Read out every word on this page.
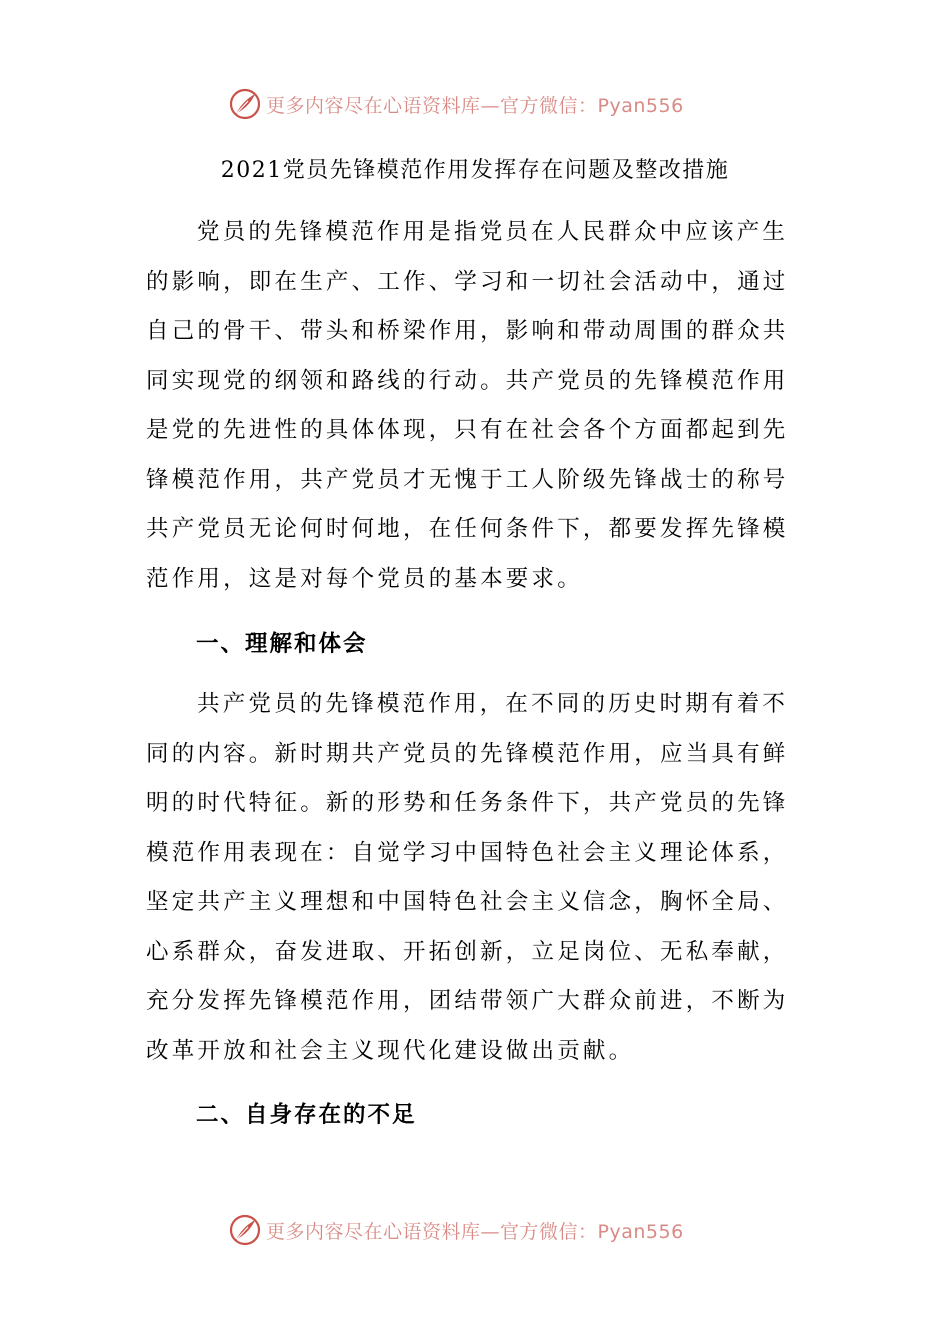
更多内容尽在心语资料库—官方微信：Pyan556
2021党员先锋模范作用发挥存在问题及整改措施

党员的先锋模范作用是指党员在人民群众中应该产生
的影响，即在生产、工作、学习和一切社会活动中，通过
自己的骨干、带头和桥梁作用，影响和带动周围的群众共
同实现党的纲领和路线的行动。共产党员的先锋模范作用
是党的先进性的具体体现，只有在社会各个方面都起到先
锋模范作用，共产党员才无愧于工人阶级先锋战士的称号
共产党员无论何时何地，在任何条件下，都要发挥先锋模
范作用，这是对每个党员的基本要求。

一、理解和体会

共产党员的先锋模范作用，在不同的历史时期有着不
同的内容。新时期共产党员的先锋模范作用，应当具有鲜
明的时代特征。新的形势和任务条件下，共产党员的先锋
模范作用表现在：自觉学习中国特色社会主义理论体系，
坚定共产主义理想和中国特色社会主义信念，胸怀全局、
心系群众，奋发进取、开拓创新，立足岗位、无私奉献，
充分发挥先锋模范作用，团结带领广大群众前进，不断为
改革开放和社会主义现代化建设做出贡献。

二、自身存在的不足
更多内容尽在心语资料库—官方微信：Pyan556
